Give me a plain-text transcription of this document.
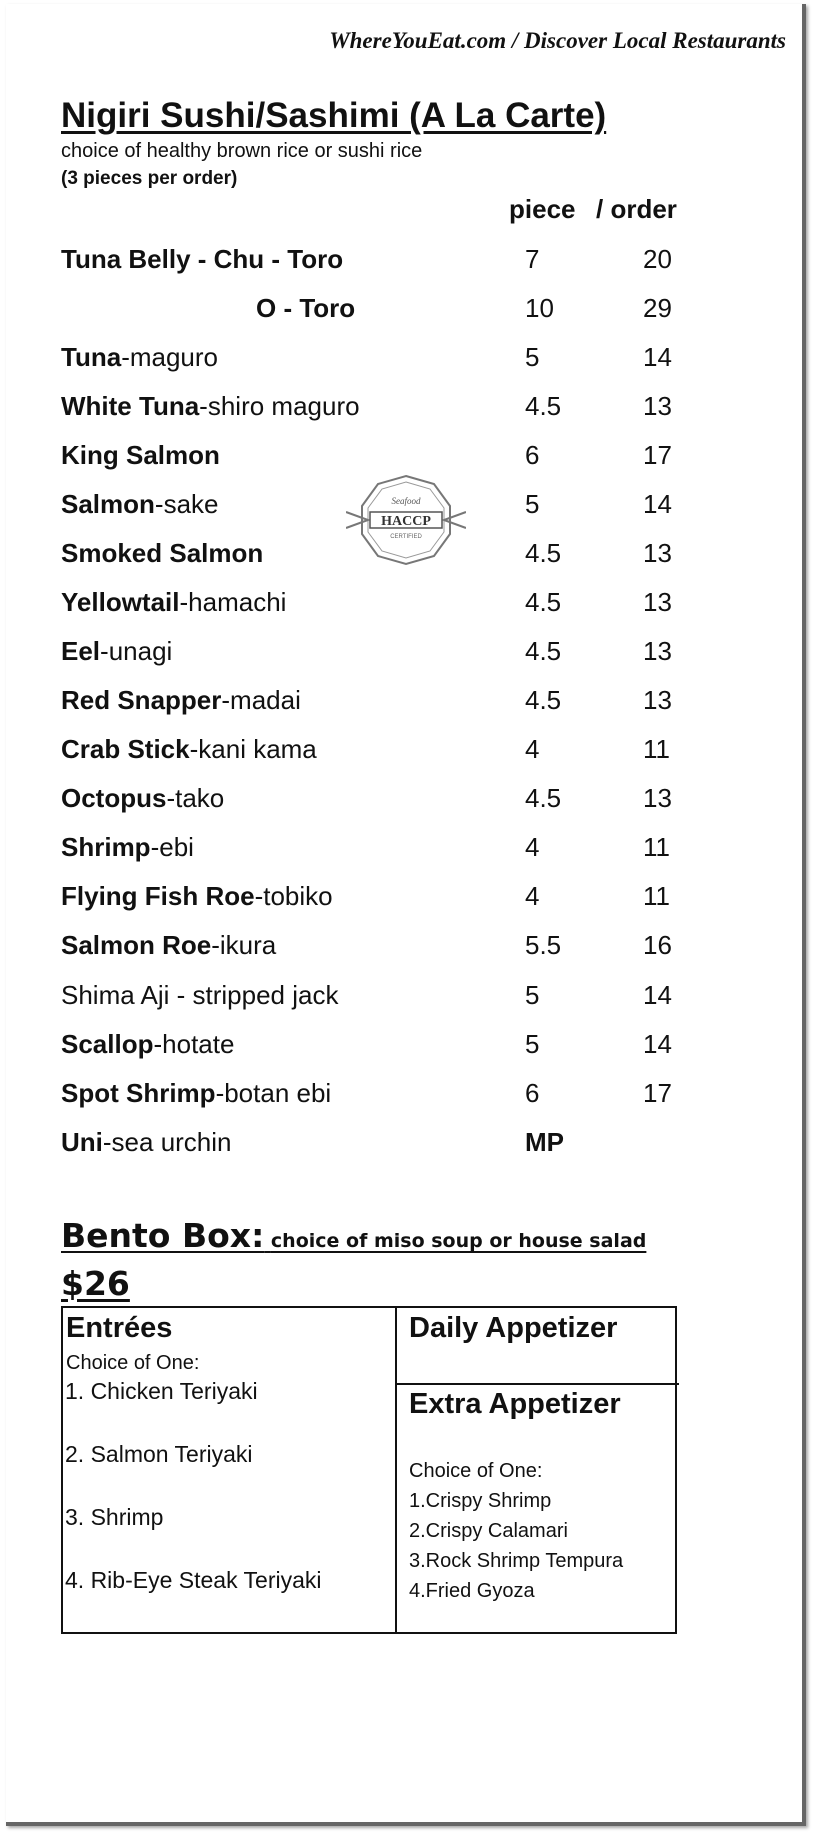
WhereYouEat.com / Discover Local Restaurants
Nigiri Sushi/Sashimi (A La Carte)
choice of healthy brown rice or sushi rice
(3 pieces per order)
piece / order
Tuna Belly - Chu - Toro	7	20
O - Toro	10	29
Tuna-maguro	5	14
White Tuna-shiro maguro	4.5	13
King Salmon	6	17
Salmon-sake	5	14
Smoked Salmon	4.5	13
Yellowtail-hamachi	4.5	13
Eel-unagi	4.5	13
Red Snapper-madai	4.5	13
Crab Stick-kani kama	4	11
Octopus-tako	4.5	13
Shrimp-ebi	4	11
Flying Fish Roe-tobiko	4	11
Salmon Roe-ikura	5.5	16
Shima Aji - stripped jack	5	14
Scallop-hotate	5	14
Spot Shrimp-botan ebi	6	17
Uni-sea urchin	MP
HACCP
Seafood
CERTIFIED
Bento Box: choice of miso soup or house salad
$26
Entrées
Choice of One:
1. Chicken Teriyaki
2. Salmon Teriyaki
3. Shrimp
4. Rib-Eye Steak Teriyaki
Daily Appetizer
Extra Appetizer
Choice of One:
1.Crispy Shrimp
2.Crispy Calamari
3.Rock Shrimp Tempura
4.Fried Gyoza
